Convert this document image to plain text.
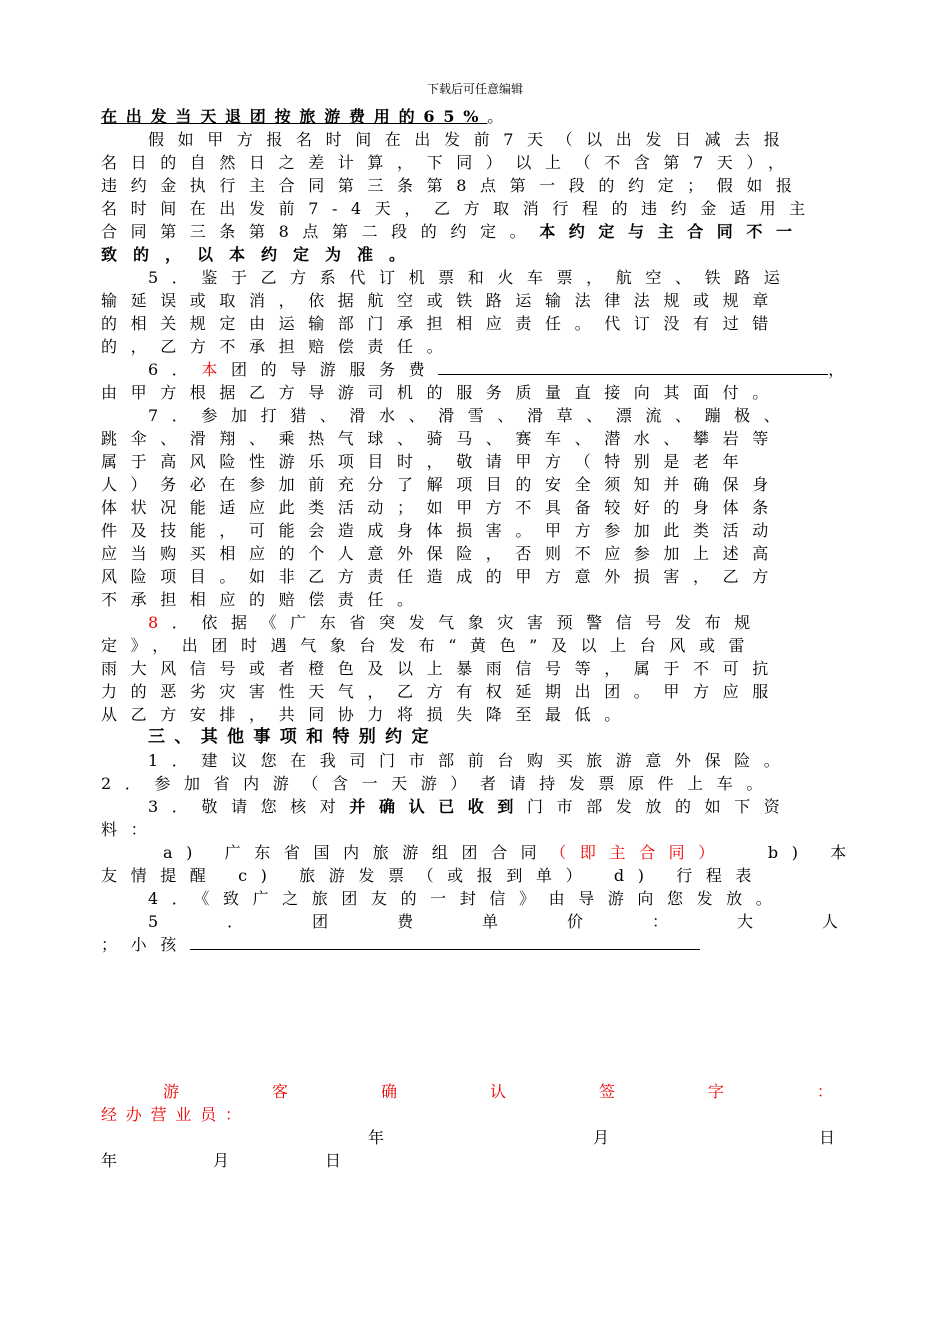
下载后可任意编辑
在出发当天退团按旅游费用的65%。
假如甲方报名时间在出发前7天（以出发日减去报
名日的自然日之差计算，下同）以上（不含第7天），
违约金执行主合同第三条第8点第一段的约定；假如报
名时间在出发前7-4天，乙方取消行程的违约金适用主
合同第三条第8点第二段的约定。本约定与主合同不一
致的，以本约定为准。
5．鉴于乙方系代订机票和火车票，航空、铁路运
输延误或取消，依据航空或铁路运输法律法规或规章
的相关规定由运输部门承担相应责任。代订没有过错
的，乙方不承担赔偿责任。
6．本团的导游服务费	，
由甲方根据乙方导游司机的服务质量直接向其面付。
7．参加打猎、滑水、滑雪、滑草、漂流、蹦极、
跳伞、滑翔、乘热气球、骑马、赛车、潜水、攀岩等
属于高风险性游乐项目时，敬请甲方（特别是老年
人）务必在参加前充分了解项目的安全须知并确保身
体状况能适应此类活动；如甲方不具备较好的身体条
件及技能，可能会造成身体损害。甲方参加此类活动
应当购买相应的个人意外保险，否则不应参加上述高
风险项目。如非乙方责任造成的甲方意外损害，乙方
不承担相应的赔偿责任。
8．依据《广东省突发气象灾害预警信号发布规
定》，出团时遇气象台发布“黄色”及以上台风或雷
雨大风信号或者橙色及以上暴雨信号等，属于不可抗
力的恶劣灾害性天气，乙方有权延期出团。甲方应服
从乙方安排，共同协力将损失降至最低。
三、其他事项和特别约定
1．建议您在我司门市部前台购买旅游意外保险。
2．参加省内游（含一天游）者请持发票原件上车。
3．敬请您核对并确认已收到门市部发放的如下资
料：
a) 广东省国内旅游组团合同（即主合同）	b) 本
友情提醒 c) 旅游发票（或报到单） d) 行程表
4．《致广之旅团友的一封信》由导游向您发放。
5	．	团	费	单	价	：	大	人
；小孩
游	客	确	认	签	字	：
经办营业员：
年	月	日
年	月	日
